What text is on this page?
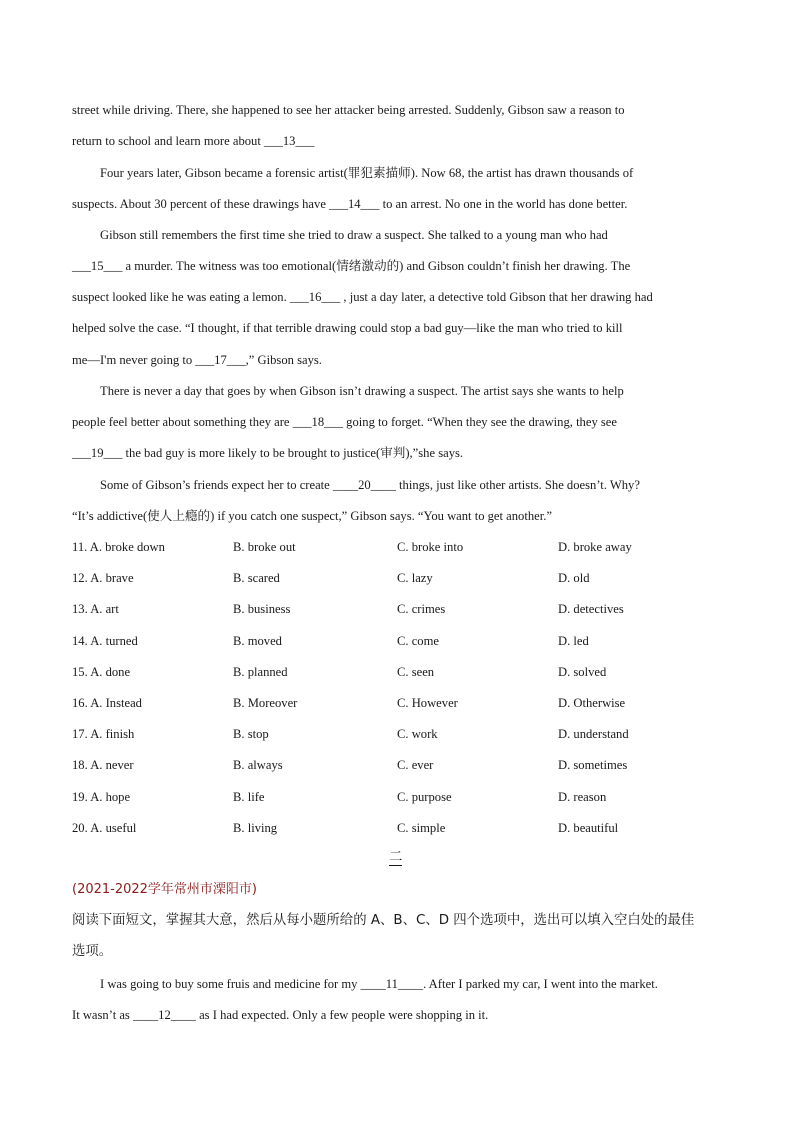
street while driving. There, she happened to see her attacker being arrested. Suddenly, Gibson saw a reason to
return to school and learn more about ___13___
Four years later, Gibson became a forensic artist(罪犯素描师). Now 68, the artist has drawn thousands of
suspects. About 30 percent of these drawings have ___14___ to an arrest. No one in the world has done better.
Gibson still remembers the first time she tried to draw a suspect. She talked to a young man who had
___15___ a murder. The witness was too emotional(情绪激动的) and Gibson couldn’t finish her drawing. The
suspect looked like he was eating a lemon. ___16___ , just a day later, a detective told Gibson that her drawing had
helped solve the case. “I thought, if that terrible drawing could stop a bad guy—like the man who tried to kill
me—I'm never going to ___17___,” Gibson says.
There is never a day that goes by when Gibson isn’t drawing a suspect. The artist says she wants to help
people feel better about something they are ___18___ going to forget. “When they see the drawing, they see
___19___ the bad guy is more likely to be brought to justice(审判),”she says.
Some of Gibson’s friends expect her to create ____20____ things, just like other artists. She doesn’t. Why?
“It’s addictive(使人上瘾的) if you catch one suspect,” Gibson says. “You want to get another.”
11. A. broke down	B. broke out	C. broke into	D. broke away
12. A. brave	B. scared	C. lazy	D. old
13. A. art	B. business	C. crimes	D. detectives
14. A. turned	B. moved	C. come	D. led
15. A. done	B. planned	C. seen	D. solved
16. A. Instead	B. Moreover	C. However	D. Otherwise
17. A. finish	B. stop	C. work	D. understand
18. A. never	B. always	C. ever	D. sometimes
19. A. hope	B. life	C. purpose	D. reason
20. A. useful	B. living	C. simple	D. beautiful
二
(2021-2022学年常州市溧阳市)
阅读下面短文，掌握其大意，然后从每小题所给的 A、B、C、D 四个选项中，选出可以填入空白处的最佳
选项。
I was going to buy some fruis and medicine for my ____11____. After I parked my car, I went into the market.
It wasn’t as ____12____ as I had expected. Only a few people were shopping in it.
